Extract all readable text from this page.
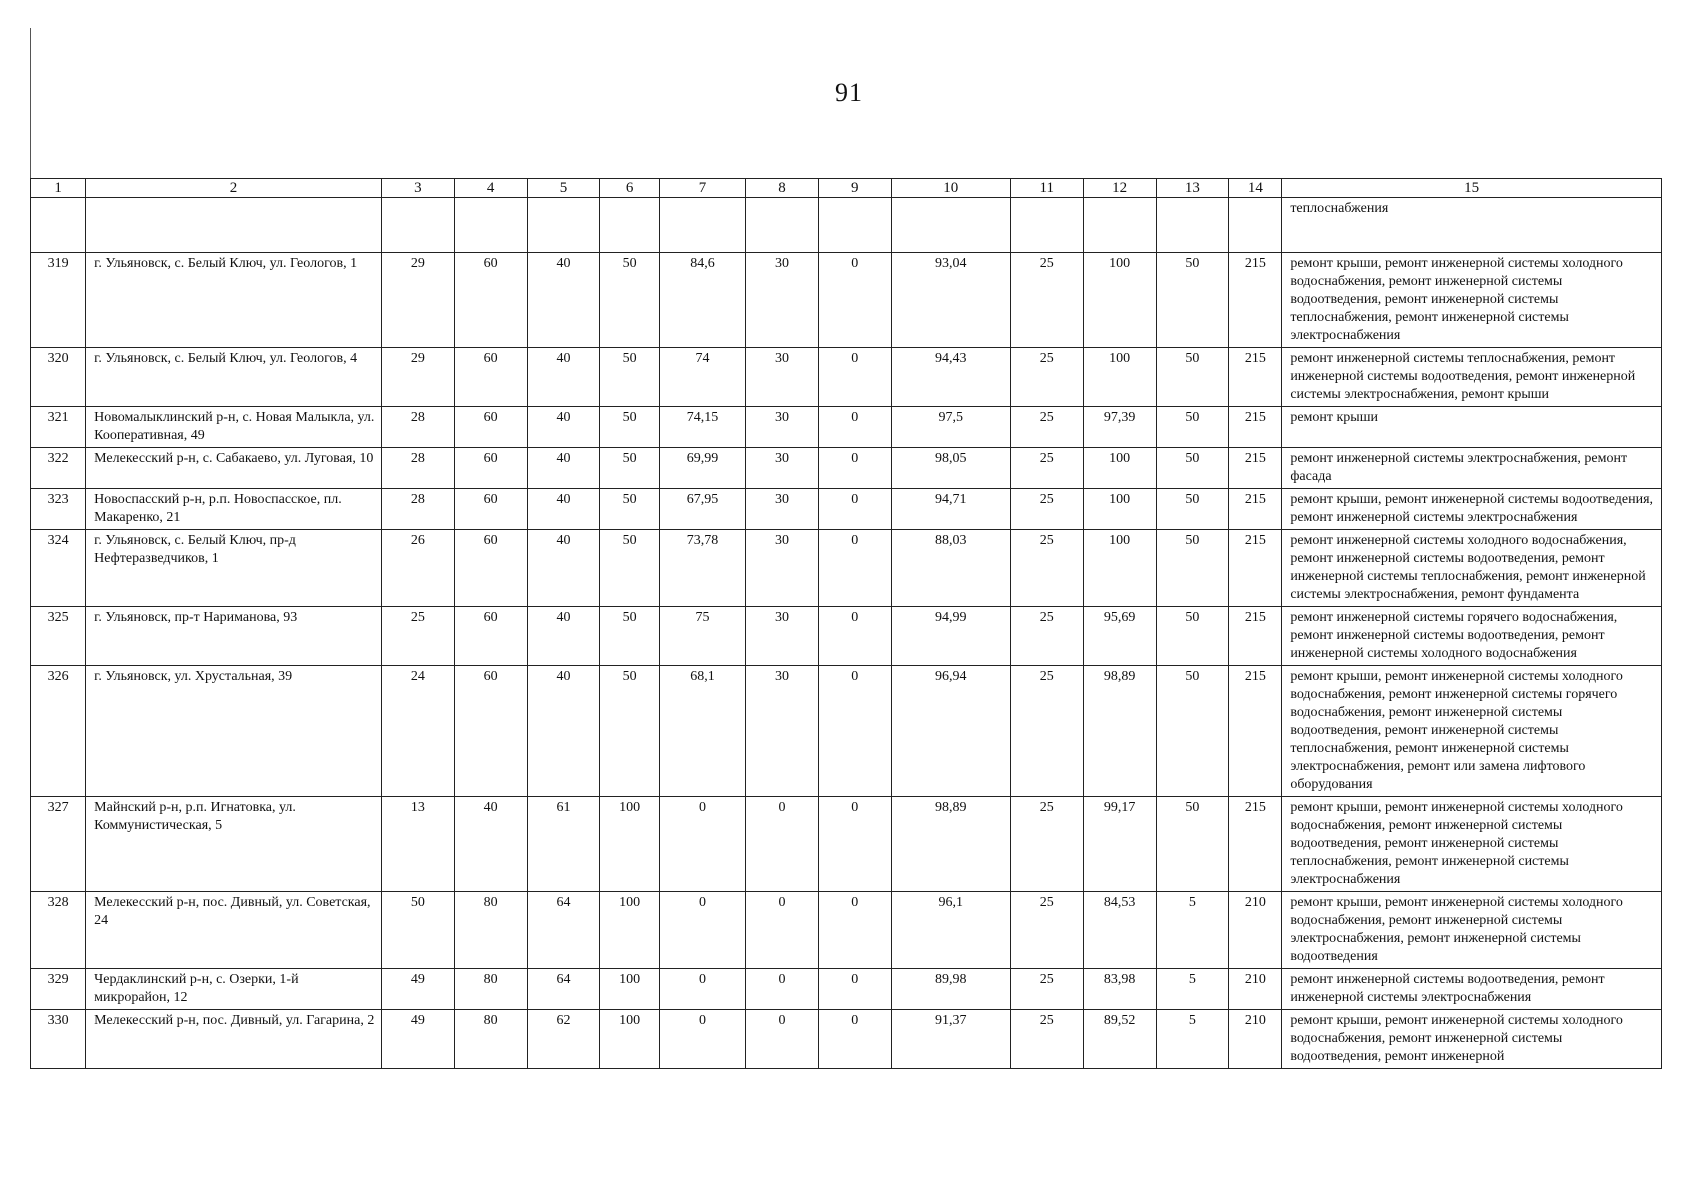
91
1	2	3	4	5	6	7	8	9	10	11	12	13	14	15
														теплоснабжения
319	г. Ульяновск, с. Белый Ключ, ул. Геологов, 1	29	60	40	50	84,6	30	0	93,04	25	100	50	215	ремонт крыши, ремонт инженерной системы холодного водоснабжения, ремонт инженерной системы водоотведения, ремонт инженерной системы теплоснабжения, ремонт инженерной системы электроснабжения
320	г. Ульяновск, с. Белый Ключ, ул. Геологов, 4	29	60	40	50	74	30	0	94,43	25	100	50	215	ремонт инженерной системы теплоснабжения, ремонт инженерной системы водоотведения, ремонт инженерной системы электроснабжения, ремонт крыши
321	Новомалыклинский р-н, с. Новая Малыкла, ул. Кооперативная, 49	28	60	40	50	74,15	30	0	97,5	25	97,39	50	215	ремонт крыши
322	Мелекесский р-н, с. Сабакаево, ул. Луговая, 10	28	60	40	50	69,99	30	0	98,05	25	100	50	215	ремонт инженерной системы электроснабжения, ремонт фасада
323	Новоспасский р-н, р.п. Новоспасское, пл. Макаренко, 21	28	60	40	50	67,95	30	0	94,71	25	100	50	215	ремонт крыши, ремонт инженерной системы водоотведения, ремонт инженерной системы электроснабжения
324	г. Ульяновск, с. Белый Ключ, пр-д Нефтеразведчиков, 1	26	60	40	50	73,78	30	0	88,03	25	100	50	215	ремонт инженерной системы холодного водоснабжения, ремонт инженерной системы водоотведения, ремонт инженерной системы теплоснабжения, ремонт инженерной системы электроснабжения, ремонт фундамента
325	г. Ульяновск, пр-т Нариманова, 93	25	60	40	50	75	30	0	94,99	25	95,69	50	215	ремонт инженерной системы горячего водоснабжения, ремонт инженерной системы водоотведения, ремонт инженерной системы холодного водоснабжения
326	г. Ульяновск, ул. Хрустальная, 39	24	60	40	50	68,1	30	0	96,94	25	98,89	50	215	ремонт крыши, ремонт инженерной системы холодного водоснабжения, ремонт инженерной системы горячего водоснабжения, ремонт инженерной системы водоотведения, ремонт инженерной системы теплоснабжения, ремонт инженерной системы электроснабжения, ремонт или замена лифтового оборудования
327	Майнский р-н, р.п. Игнатовка, ул. Коммунистическая, 5	13	40	61	100	0	0	0	98,89	25	99,17	50	215	ремонт крыши, ремонт инженерной системы холодного водоснабжения, ремонт инженерной системы водоотведения, ремонт инженерной системы теплоснабжения, ремонт инженерной системы электроснабжения
328	Мелекесский р-н, пос. Дивный, ул. Советская, 24	50	80	64	100	0	0	0	96,1	25	84,53	5	210	ремонт крыши, ремонт инженерной системы холодного водоснабжения, ремонт инженерной системы электроснабжения, ремонт инженерной системы водоотведения
329	Чердаклинский р-н, с. Озерки, 1-й микрорайон, 12	49	80	64	100	0	0	0	89,98	25	83,98	5	210	ремонт инженерной системы водоотведения, ремонт инженерной системы электроснабжения
330	Мелекесский р-н, пос. Дивный, ул. Гагарина, 2	49	80	62	100	0	0	0	91,37	25	89,52	5	210	ремонт крыши, ремонт инженерной системы холодного водоснабжения, ремонт инженерной системы водоотведения, ремонт инженерной
